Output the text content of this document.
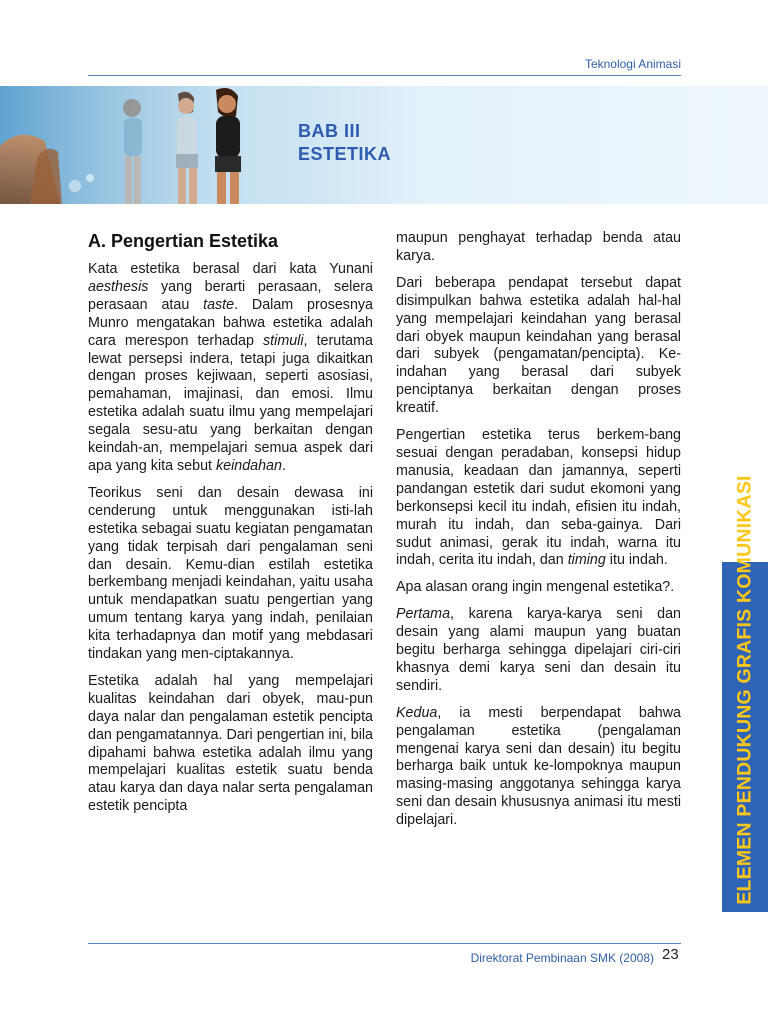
Teknologi Animasi
BAB III
ESTETIKA
A. Pengertian Estetika

Kata estetika berasal dari kata Yunani aesthesis yang berarti perasaan, selera perasaan atau taste. Dalam prosesnya Munro mengatakan bahwa estetika adalah cara merespon terhadap stimuli, terutama lewat persepsi indera, tetapi juga dikaitkan dengan proses kejiwaan, seperti asosiasi, pemahaman, imajinasi, dan emosi. Ilmu estetika adalah suatu ilmu yang mempelajari segala sesu-atu yang berkaitan dengan keindah-an, mempelajari semua aspek dari apa yang kita sebut keindahan.

Teorikus seni dan desain dewasa ini cenderung untuk menggunakan isti-lah estetika sebagai suatu kegiatan pengamatan yang tidak terpisah dari pengalaman seni dan desain. Kemu-dian estilah estetika berkembang menjadi keindahan, yaitu usaha untuk mendapatkan suatu pengertian yang umum tentang karya yang indah, penilaian kita terhadapnya dan motif yang mebdasari tindakan yang men-ciptakannya.

Estetika adalah hal yang mempelajari kualitas keindahan dari obyek, mau-pun daya nalar dan pengalaman estetik pencipta dan pengamatannya. Dari pengertian ini, bila dipahami bahwa estetika adalah ilmu yang mempelajari kualitas estetik suatu benda atau karya dan daya nalar serta pengalaman estetik pencipta

maupun penghayat terhadap benda atau karya.

Dari beberapa pendapat tersebut dapat disimpulkan bahwa estetika adalah hal-hal yang mempelajari keindahan yang berasal dari obyek maupun keindahan yang berasal dari subyek (pengamatan/pencipta). Ke-indahan yang berasal dari subyek penciptanya berkaitan dengan proses kreatif.

Pengertian estetika terus berkem-bang sesuai dengan peradaban, konsepsi hidup manusia, keadaan dan jamannya, seperti pandangan estetik dari sudut ekomoni yang berkonsepsi kecil itu indah, efisien itu indah, murah itu indah, dan seba-gainya. Dari sudut animasi, gerak itu indah, warna itu indah, cerita itu indah, dan timing itu indah.

Apa alasan orang ingin mengenal estetika?.

Pertama, karena karya-karya seni dan desain yang alami maupun yang buatan begitu berharga sehingga dipelajari ciri-ciri khasnya demi karya seni dan desain itu sendiri.

Kedua, ia mesti berpendapat bahwa pengalaman estetika (pengalaman mengenai karya seni dan desain) itu begitu berharga baik untuk ke-lompoknya maupun masing-masing anggotanya sehingga karya seni dan desain khususnya animasi itu mesti dipelajari.	ELEMEN PENDUKUNG GRAFIS KOMUNIKASI
Direktorat Pembinaan SMK (2008) 23
